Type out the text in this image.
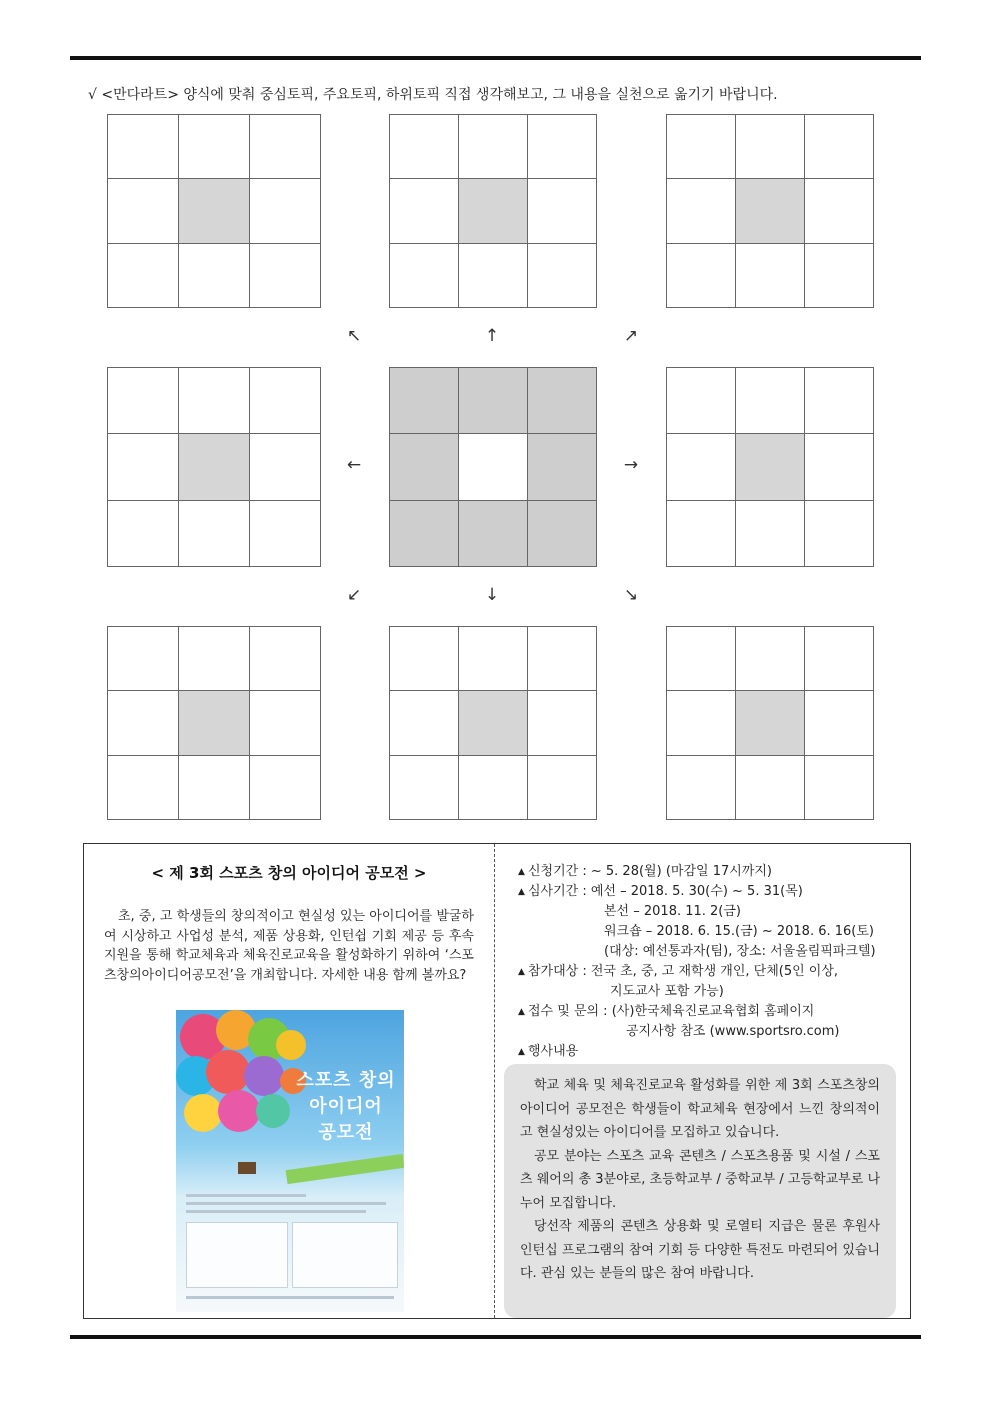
√ <만다라트> 양식에 맞춰 중심토픽, 주요토픽, 하위토픽 직접 생각해보고, 그 내용을 실천으로 옮기기 바랍니다.
↖	↑	↗
←	→
↙	↓	↘
< 제 3회 스포츠 창의 아이디어 공모전 >
초, 중, 고 학생들의 창의적이고 현실성 있는 아이디어를 발굴하여 시상하고 사업성 분석, 제품 상용화, 인턴쉽 기회 제공 등 후속 지원을 통해 학교체육과 체육진로교육을 활성화하기 위하여 ‘스포츠창의아이디어공모전’을 개최합니다. 자세한 내용 함께 볼까요?
스포츠 창의
아이디어
공모전
▲ 신청기간 : ~ 5. 28(월) (마감일 17시까지)
▲ 심사기간 : 예선 – 2018. 5. 30(수) ~ 5. 31(목)
본선 – 2018. 11. 2(금)
워크숍 – 2018. 6. 15.(금) ~ 2018. 6. 16(토)
(대상: 예선통과자(팀), 장소: 서울올림픽파크텔)
▲ 참가대상 : 전국 초, 중, 고 재학생 개인, 단체(5인 이상,
지도교사 포함 가능)
▲ 접수 및 문의 : (사)한국체육진로교육협회 홈페이지
공지사항 참조 (www.sportsro.com)
▲ 행사내용

학교 체육 및 체육진로교육 활성화를 위한 제 3회 스포츠창의아이디어 공모전은 학생들이 학교체육 현장에서 느낀 창의적이고 현실성있는 아이디어를 모집하고 있습니다.

공모 분야는 스포츠 교육 콘텐츠 / 스포츠용품 및 시설 / 스포츠 웨어의 총 3분야로, 초등학교부 / 중학교부 / 고등학교부로 나누어 모집합니다.

당선작 제품의 콘텐츠 상용화 및 로열티 지급은 물론 후원사 인턴십 프로그램의 참여 기회 등 다양한 특전도 마련되어 있습니다. 관심 있는 분들의 많은 참여 바랍니다.
